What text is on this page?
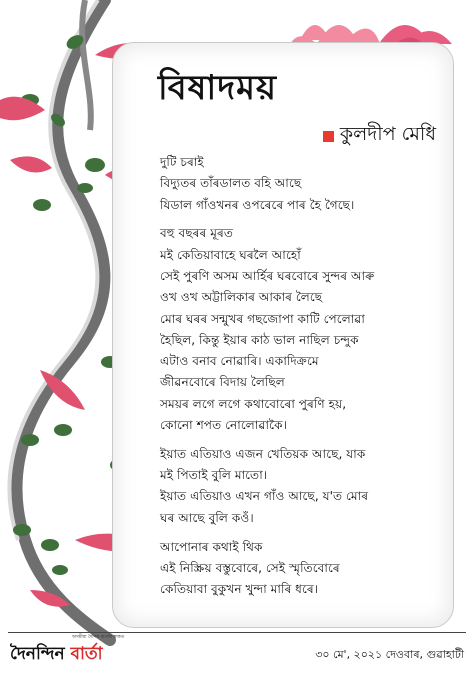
বিষাদময়
কুলদীপ মেধি
দুটি চৰাই
বিদ্যুতৰ তাঁৰডালত বহি আছে
যিডাল গাঁওখনৰ ওপৰেৰে পাৰ হৈ গৈছে।
বহু বছৰৰ মূৰত
মই কেতিয়াবাহে ঘৰলৈ আহোঁ
সেই পুৰণি অসম আর্হিৰ ঘৰবোৰে সুন্দৰ আৰু
ওখ ওখ অট্টালিকাৰ আকাৰ লৈছে
মোৰ ঘৰৰ সন্মুখৰ গছজোপা কাটি পেলোৱা
হৈছিল, কিন্তু ইয়াৰ কাঠ ভাল নাছিল চন্দুক
এটাও বনাব নোৱাৰি। একাদিক্ৰমে
জীৱনবোৰে বিদায় লৈছিল
সময়ৰ লগে লগে কথাবোৰো পুৰণি হয়,
কোনো শপত নোলোৱাকৈ।
ইয়াত এতিয়াও এজন খেতিয়ক আছে, যাক
মই পিতাই বুলি মাতো।
ইয়াত এতিয়াও এখন গাঁও আছে, য'ত মোৰ
ঘৰ আছে বুলি কওঁ।
আপোনাৰ কথাই থিক
এই নিস্ক্ৰিয় বস্তুবোৰে, সেই স্মৃতিবোৰে
কেতিয়াবা বুকুখন খুন্দা মাৰি ধৰে।
অসমীয়া দৈনিক বাতৰি কাকত
দৈনন্দিন বাৰ্তা	৩০ মে', ২০২১ দেওবাৰ, গুৱাহাটী
